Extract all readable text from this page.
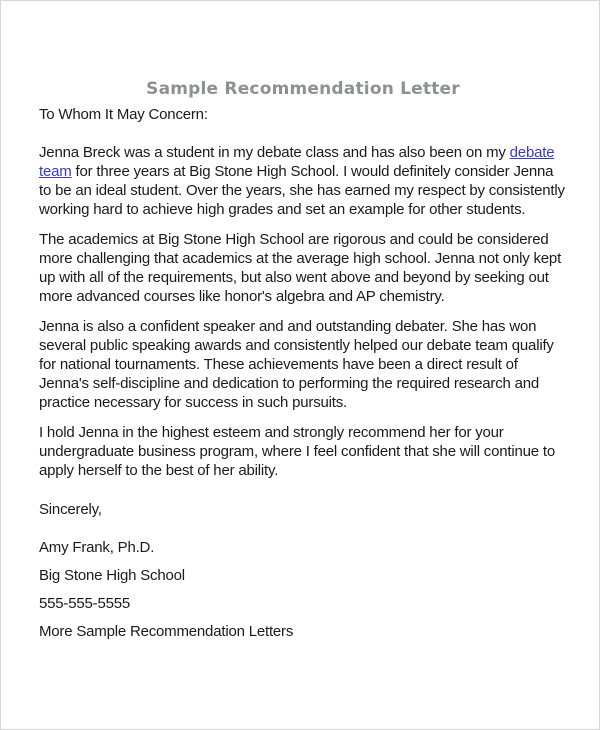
Sample Recommendation Letter

To Whom It May Concern:

Jenna Breck was a student in my debate class and has also been on my debate team for three years at Big Stone High School. I would definitely consider Jenna to be an ideal student. Over the years, she has earned my respect by consistently working hard to achieve high grades and set an example for other students.

The academics at Big Stone High School are rigorous and could be considered more challenging that academics at the average high school. Jenna not only kept up with all of the requirements, but also went above and beyond by seeking out more advanced courses like honor's algebra and AP chemistry.

Jenna is also a confident speaker and and outstanding debater. She has won several public speaking awards and consistently helped our debate team qualify for national tournaments. These achievements have been a direct result of Jenna's self-discipline and dedication to performing the required research and practice necessary for success in such pursuits.

I hold Jenna in the highest esteem and strongly recommend her for your undergraduate business program, where I feel confident that she will continue to apply herself to the best of her ability.

Sincerely,

Amy Frank, Ph.D.

Big Stone High School

555-555-5555

More Sample Recommendation Letters
